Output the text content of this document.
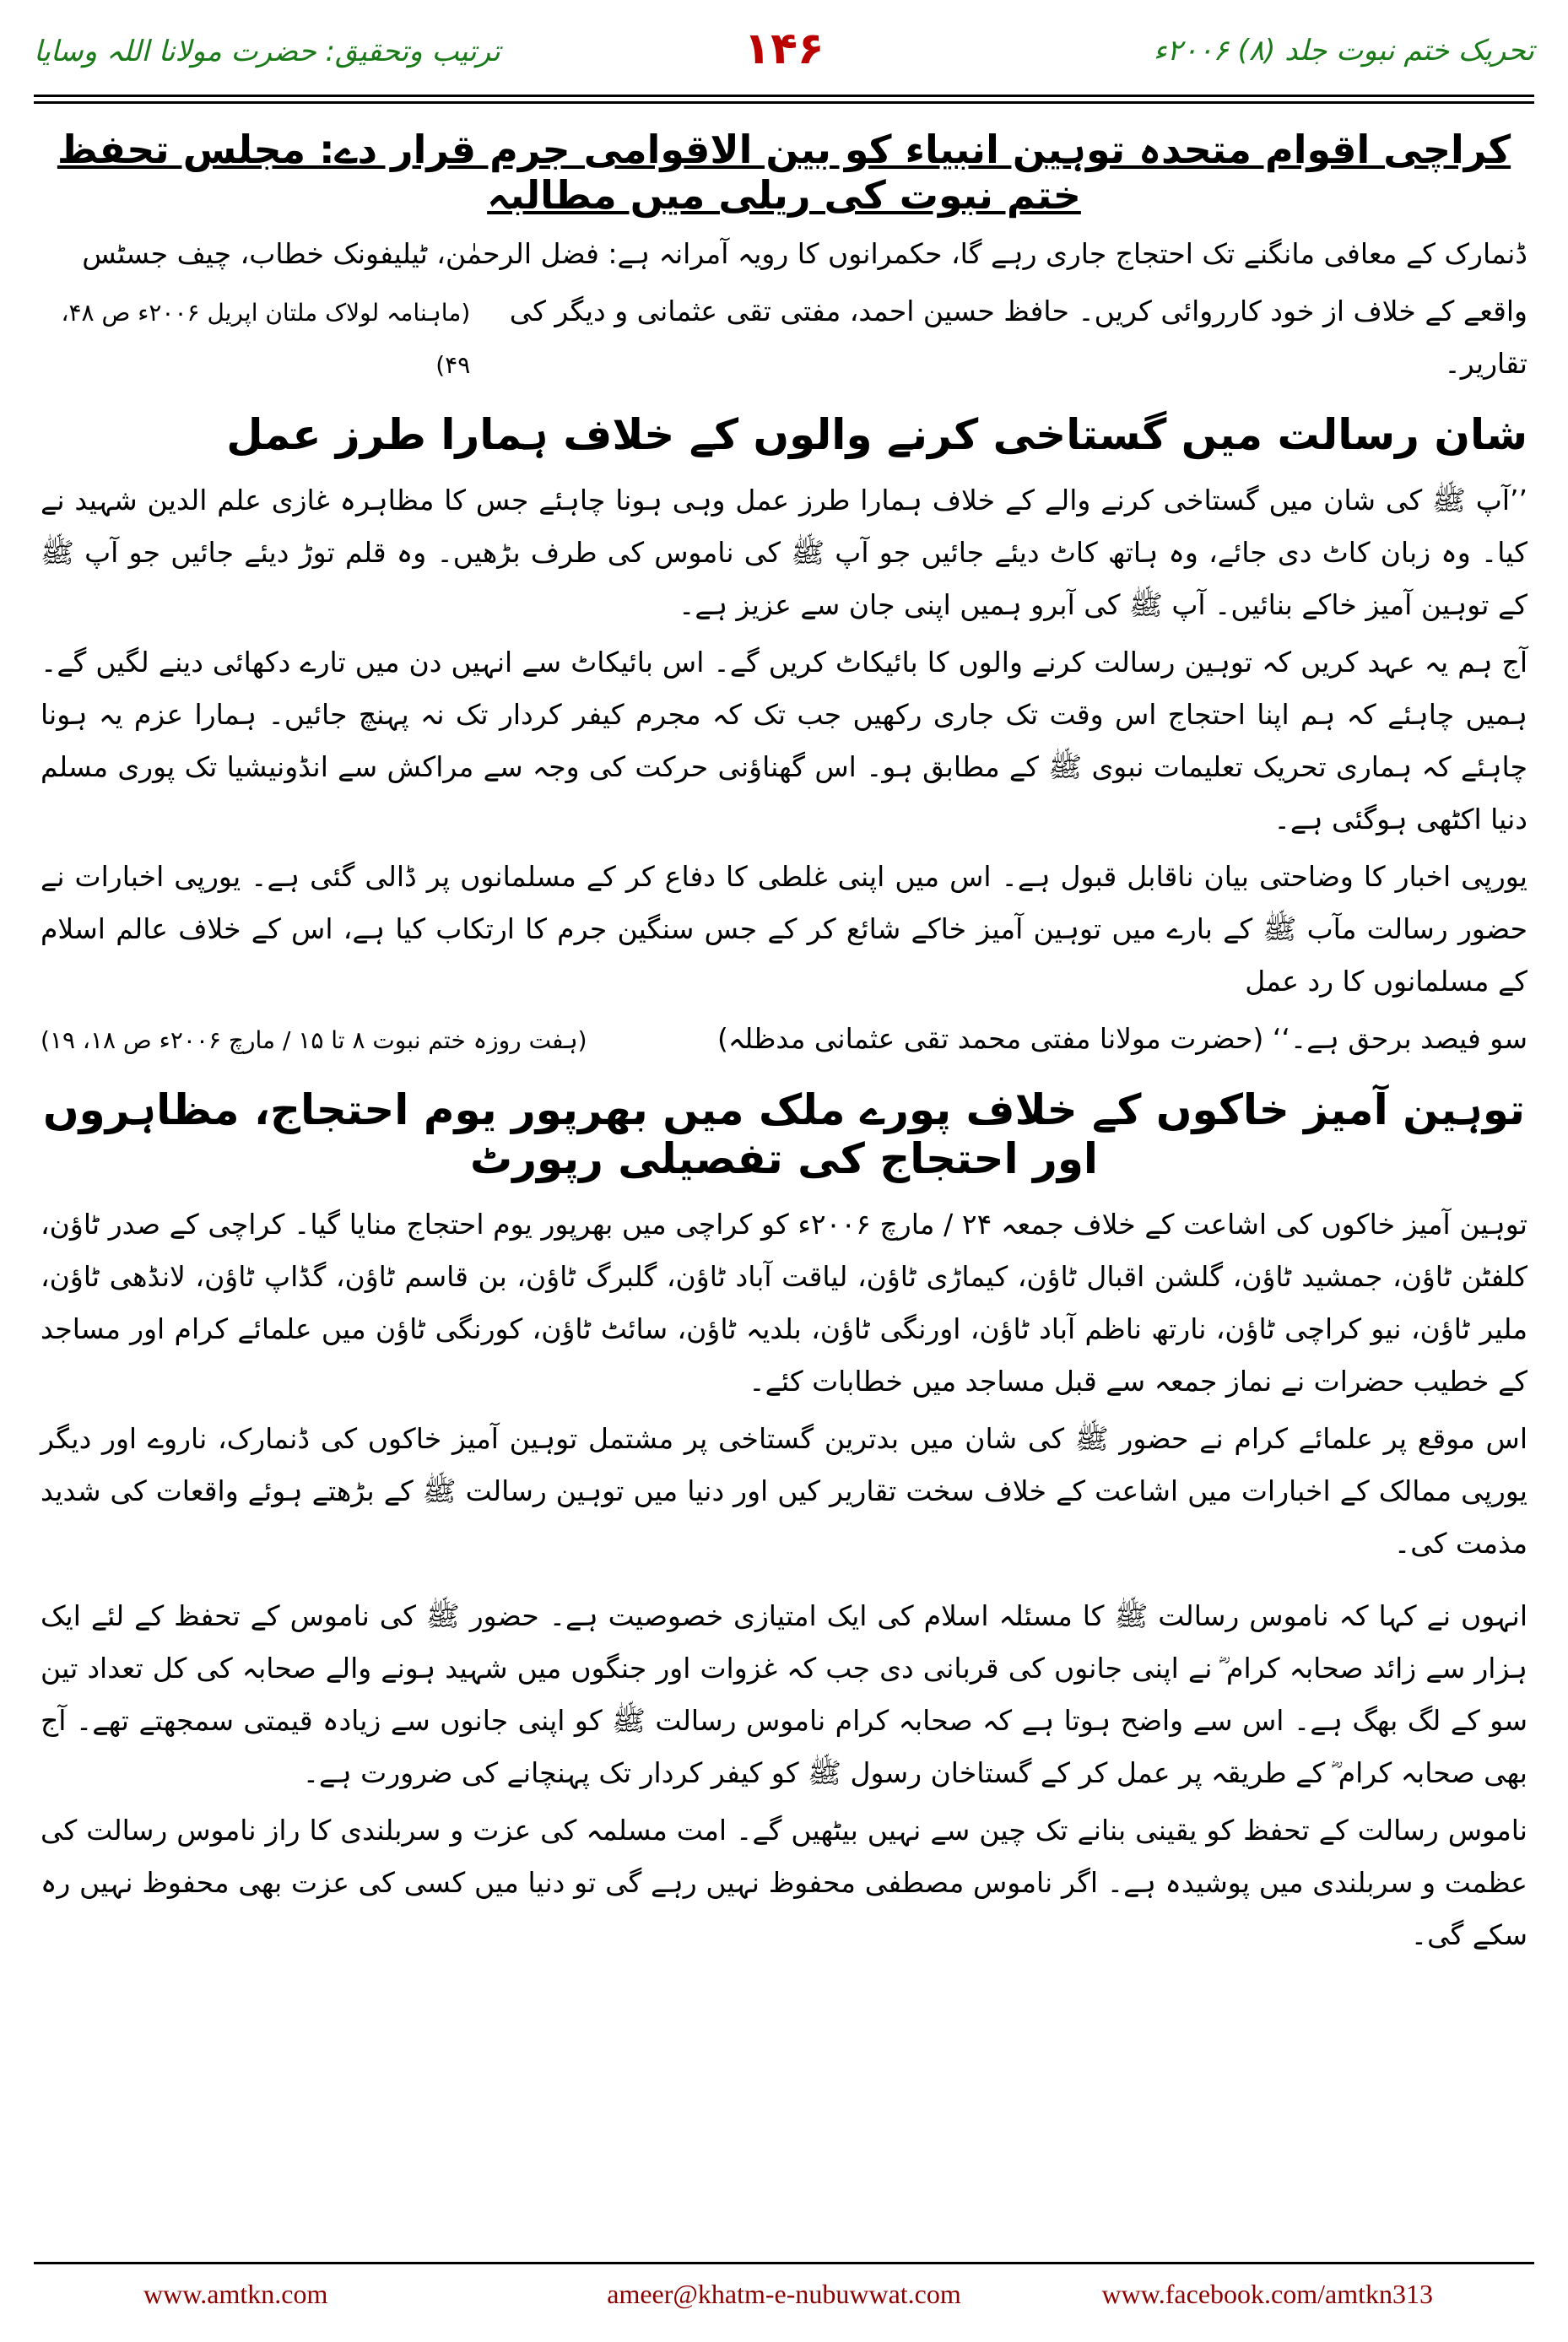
تحریک ختم نبوت جلد (۸) ۲۰۰۶ء
۱۴۶
ترتیب وتحقیق: حضرت مولانا اللہ وسایا
کراچی اقوام متحدہ توہین انبیاء کو بین الاقوامی جرم قرار دے: مجلس تحفظ ختم نبوت کی ریلی میں مطالبہ

ڈنمارک کے معافی مانگنے تک احتجاج جاری رہے گا، حکمرانوں کا رویہ آمرانہ ہے: فضل الرحمٰن، ٹیلیفونک خطاب، چیف جسٹس

واقعے کے خلاف از خود کارروائی کریں۔ حافظ حسین احمد، مفتی تقی عثمانی و دیگر کی تقاریر۔
(ماہنامہ لولاک ملتان اپریل ۲۰۰۶ء ص ۴۸، ۴۹)
شان رسالت میں گستاخی کرنے والوں کے خلاف ہمارا طرز عمل

’’آپ ﷺ کی شان میں گستاخی کرنے والے کے خلاف ہمارا طرز عمل وہی ہونا چاہئے جس کا مظاہرہ غازی علم الدین شہید نے کیا۔ وہ زبان کاٹ دی جائے، وہ ہاتھ کاٹ دیئے جائیں جو آپ ﷺ کی ناموس کی طرف بڑھیں۔ وہ قلم توڑ دیئے جائیں جو آپ ﷺ کے توہین آمیز خاکے بنائیں۔ آپ ﷺ کی آبرو ہمیں اپنی جان سے عزیز ہے۔

آج ہم یہ عہد کریں کہ توہین رسالت کرنے والوں کا بائیکاٹ کریں گے۔ اس بائیکاٹ سے انہیں دن میں تارے دکھائی دینے لگیں گے۔ ہمیں چاہئے کہ ہم اپنا احتجاج اس وقت تک جاری رکھیں جب تک کہ مجرم کیفر کردار تک نہ پہنچ جائیں۔ ہمارا عزم یہ ہونا چاہئے کہ ہماری تحریک تعلیمات نبوی ﷺ کے مطابق ہو۔ اس گھناؤنی حرکت کی وجہ سے مراکش سے انڈونیشیا تک پوری مسلم دنیا اکٹھی ہوگئی ہے۔

یورپی اخبار کا وضاحتی بیان ناقابل قبول ہے۔ اس میں اپنی غلطی کا دفاع کر کے مسلمانوں پر ڈالی گئی ہے۔ یورپی اخبارات نے حضور رسالت مآب ﷺ کے بارے میں توہین آمیز خاکے شائع کر کے جس سنگین جرم کا ارتکاب کیا ہے، اس کے خلاف عالم اسلام کے مسلمانوں کا رد عمل

سو فیصد برحق ہے۔‘‘ (حضرت مولانا مفتی محمد تقی عثمانی مدظلہ)
(ہفت روزہ ختم نبوت ۸ تا ۱۵ / مارچ ۲۰۰۶ء ص ۱۸، ۱۹)
توہین آمیز خاکوں کے خلاف پورے ملک میں بھرپور یوم احتجاج، مظاہروں اور احتجاج کی تفصیلی رپورٹ

توہین آمیز خاکوں کی اشاعت کے خلاف جمعہ ۲۴ / مارچ ۲۰۰۶ء کو کراچی میں بھرپور یوم احتجاج منایا گیا۔ کراچی کے صدر ٹاؤن، کلفٹن ٹاؤن، جمشید ٹاؤن، گلشن اقبال ٹاؤن، کیماڑی ٹاؤن، لیاقت آباد ٹاؤن، گلبرگ ٹاؤن، بن قاسم ٹاؤن، گڈاپ ٹاؤن، لانڈھی ٹاؤن، ملیر ٹاؤن، نیو کراچی ٹاؤن، نارتھ ناظم آباد ٹاؤن، اورنگی ٹاؤن، بلدیہ ٹاؤن، سائٹ ٹاؤن، کورنگی ٹاؤن میں علمائے کرام اور مساجد کے خطیب حضرات نے نماز جمعہ سے قبل مساجد میں خطابات کئے۔

اس موقع پر علمائے کرام نے حضور ﷺ کی شان میں بدترین گستاخی پر مشتمل توہین آمیز خاکوں کی ڈنمارک، ناروے اور دیگر یورپی ممالک کے اخبارات میں اشاعت کے خلاف سخت تقاریر کیں اور دنیا میں توہین رسالت ﷺ کے بڑھتے ہوئے واقعات کی شدید مذمت کی۔

انہوں نے کہا کہ ناموس رسالت ﷺ کا مسئلہ اسلام کی ایک امتیازی خصوصیت ہے۔ حضور ﷺ کی ناموس کے تحفظ کے لئے ایک ہزار سے زائد صحابہ کرام ؓ نے اپنی جانوں کی قربانی دی جب کہ غزوات اور جنگوں میں شہید ہونے والے صحابہ کی کل تعداد تین سو کے لگ بھگ ہے۔ اس سے واضح ہوتا ہے کہ صحابہ کرام ناموس رسالت ﷺ کو اپنی جانوں سے زیادہ قیمتی سمجھتے تھے۔ آج بھی صحابہ کرام ؓ کے طریقہ پر عمل کر کے گستاخان رسول ﷺ کو کیفر کردار تک پہنچانے کی ضرورت ہے۔

ناموس رسالت کے تحفظ کو یقینی بنانے تک چین سے نہیں بیٹھیں گے۔ امت مسلمہ کی عزت و سربلندی کا راز ناموس رسالت کی عظمت و سربلندی میں پوشیدہ ہے۔ اگر ناموس مصطفی محفوظ نہیں رہے گی تو دنیا میں کسی کی عزت بھی محفوظ نہیں رہ سکے گی۔

www.amtkn.com	ameer@khatm-e-nubuwwat.com	www.facebook.com/amtkn313
